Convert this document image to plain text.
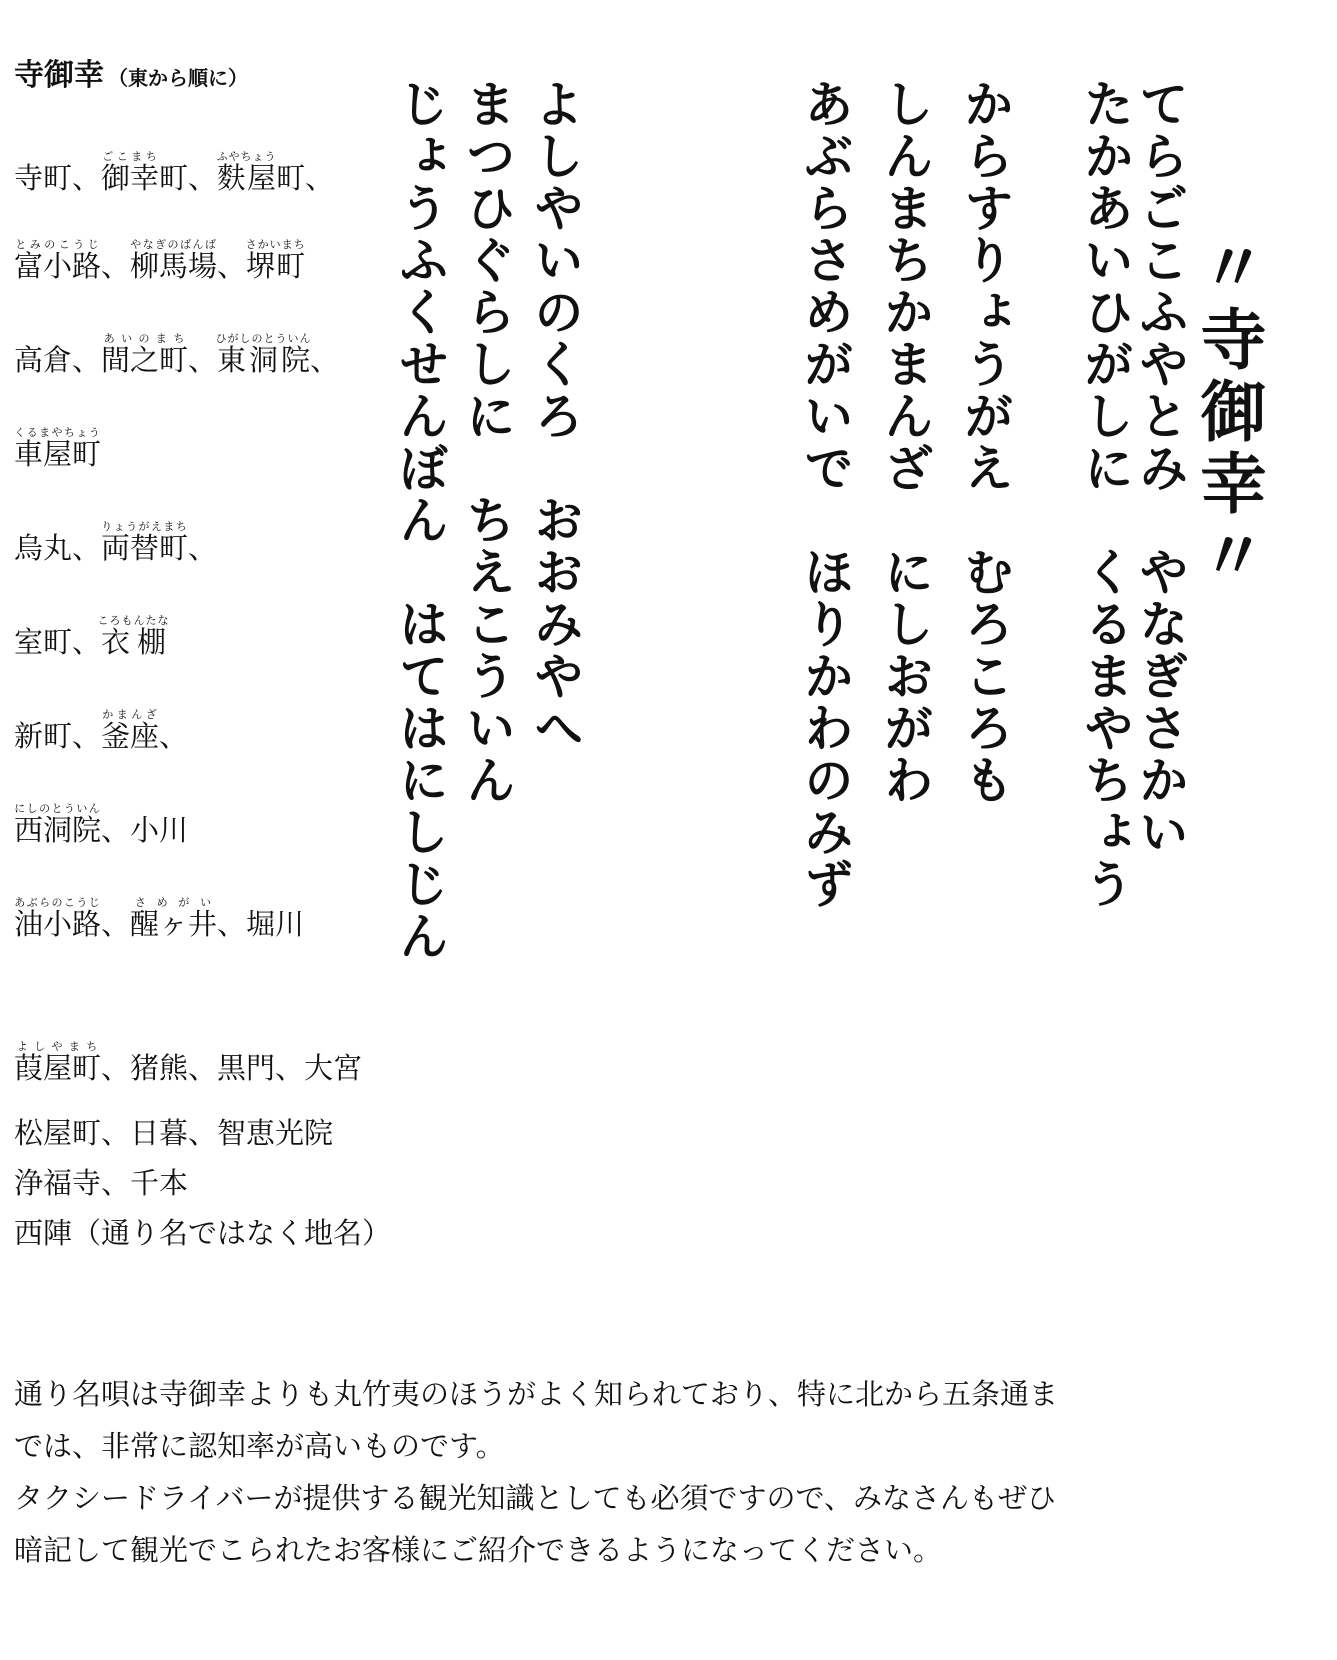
寺御幸 （東から順に）
寺町、御幸ごこまち町、麩屋ふやちょう町、
富小路とみのこうじ、柳馬場やなぎのばんば、堺町さかいまち
高倉、間之町あいのまち、東洞院ひがしのとういん、
車屋町くるまやちょう
烏丸、両替町りょうがえまち、
室町、衣棚ころもんたな
新町、釜座かまんざ、
西洞院にしのとういん、小川
油小路あぶらのこうじ、醒ヶ井さめがい、堀川
葭屋町よしやまち、猪熊、黒門、大宮
松屋町、日暮、智恵光院
浄福寺、千本
西陣（通り名ではなく地名）
〃寺御幸〃
てらごこふやとみ　やなぎさかい
たかあいひがしに　くるまやちょう
からすりょうがえ　むろころも
しんまちかまんざ　にしおがわ
あぶらさめがいで　ほりかわのみず
よしやいのくろ　おおみやへ
まつひぐらしに　ちえこういん
じょうふくせんぼん　はてはにしじん

通り名唄は寺御幸よりも丸竹夷のほうがよく知られており、特に北から五条通ま

では、非常に認知率が高いものです。

タクシードライバーが提供する観光知識としても必須ですので、みなさんもぜひ

暗記して観光でこられたお客様にご紹介できるようになってください。
